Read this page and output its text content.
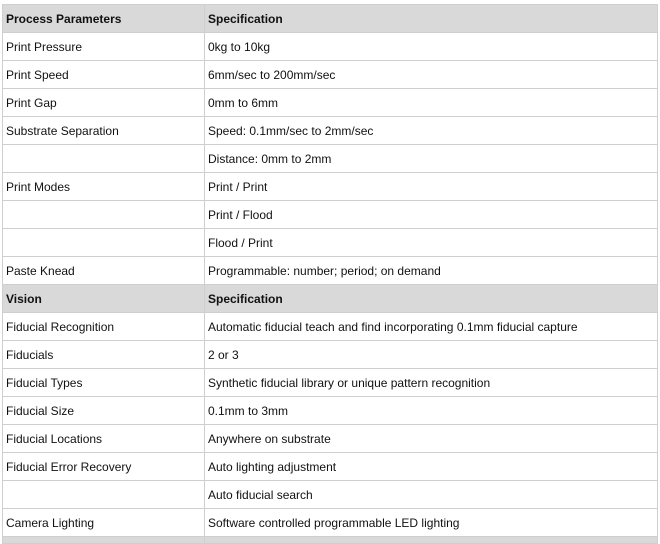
Process Parameters	Specification
Print Pressure	0kg to 10kg
Print Speed	6mm/sec to 200mm/sec
Print Gap	0mm to 6mm
Substrate Separation	Speed: 0.1mm/sec to 2mm/sec
	Distance: 0mm to 2mm
Print Modes	Print / Print
	Print / Flood
	Flood / Print
Paste Knead	Programmable: number; period; on demand
Vision	Specification
Fiducial Recognition	Automatic fiducial teach and find incorporating 0.1mm fiducial capture
Fiducials	2 or 3
Fiducial Types	Synthetic fiducial library or unique pattern recognition
Fiducial Size	0.1mm to 3mm
Fiducial Locations	Anywhere on substrate
Fiducial Error Recovery	Auto lighting adjustment
	Auto fiducial search
Camera Lighting	Software controlled programmable LED lighting
